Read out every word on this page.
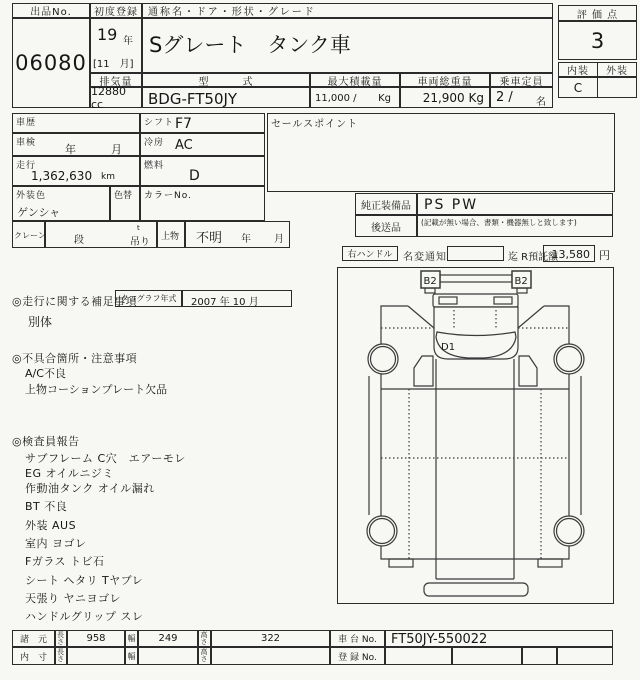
出品No.
06080
初度登録
19 年
[11　月]
通称名・ドア・形状・グレード
Sグレート　タンク車
排気量
12880 cc
型　　　式
BDG-FT50JY
最大積載量
11,000 / Kg
車両総重量
21,900 Kg
乗車定員
2 / 名
評 価 点
3
内装 外装
C
車歴	シフト F7
車検	年	月 冷房 AC
走行
1,362,630 km
燃料
D
外装色
ゲンシャ
色替 カラーNo.
クレーン	段
t
吊り 上物 不明 年 月
セールスポイント
純正装備品 PS PW
後送品	(記載が無い場合、書類・機器無しと致します)
右ハンドル 名変通知	迄 R預託額
13,580 円
◎走行に関する補足事項
タコグラフ年式 2007 年 10 月
別体
◎不具合箇所・注意事項
A/C不良
上物コーションプレート欠品
◎検査員報告
サブフレーム C穴　エアーモレ
EG オイルニジミ
作動油タンク オイル漏れ
BT 不良
外装 AUS
室内 ヨゴレ
Fガラス トビ石
シート ヘタリ Tヤブレ
天張り ヤニヨゴレ
ハンドルグリップ スレ
B2	B2
D1
諸　元
長さ 958	幅 249	高さ	322	車 台 No. FT50JY-550022
内　寸
長さ	幅	高さ	登 録 No.
